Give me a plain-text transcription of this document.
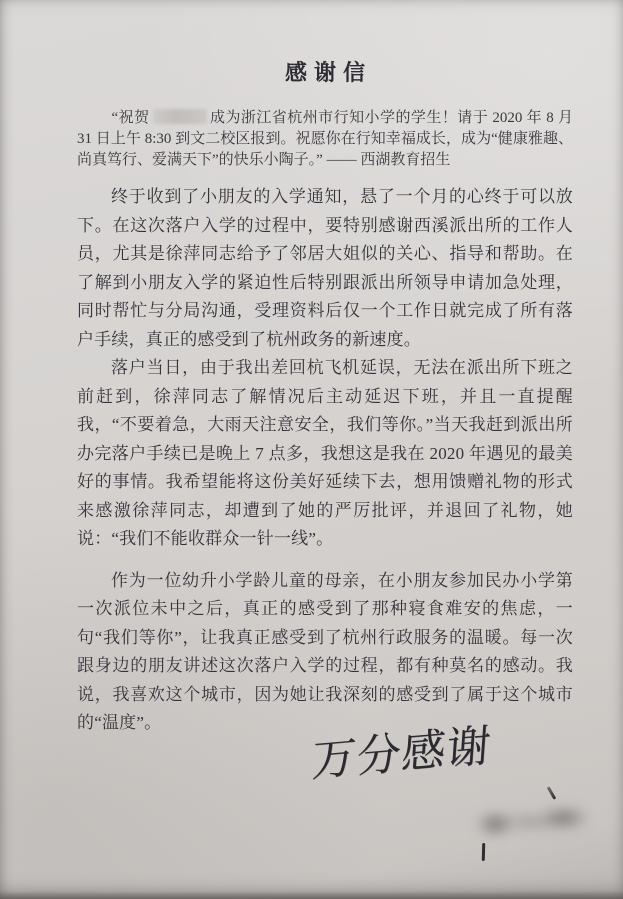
感谢信

“祝贺	成为浙江省杭州市行知小学的学生！请于 2020 年 8 月 31 日上午 8:30 到文二校区报到。祝愿你在行知幸福成长，成为“健康雅趣、尚真笃行、爱满天下”的快乐小陶子。” —— 西湖教育招生

终于收到了小朋友的入学通知，悬了一个月的心终于可以放下。在这次落户入学的过程中，要特别感谢西溪派出所的工作人员，尤其是徐萍同志给予了邻居大姐似的关心、指导和帮助。在了解到小朋友入学的紧迫性后特别跟派出所领导申请加急处理，同时帮忙与分局沟通，受理资料后仅一个工作日就完成了所有落户手续，真正的感受到了杭州政务的新速度。

落户当日，由于我出差回杭飞机延误，无法在派出所下班之前赶到，徐萍同志了解情况后主动延迟下班，并且一直提醒我，“不要着急，大雨天注意安全，我们等你。”当天我赶到派出所办完落户手续已是晚上 7 点多，我想这是我在 2020 年遇见的最美好的事情。我希望能将这份美好延续下去，想用馈赠礼物的形式来感激徐萍同志，却遭到了她的严厉批评，并退回了礼物，她说：“我们不能收群众一针一线”。

作为一位幼升小学龄儿童的母亲，在小朋友参加民办小学第一次派位未中之后，真正的感受到了那种寝食难安的焦虑，一句“我们等你”，让我真正感受到了杭州行政服务的温暖。每一次跟身边的朋友讲述这次落户入学的过程，都有种莫名的感动。我说，我喜欢这个城市，因为她让我深刻的感受到了属于这个城市的“温度”。	万分感谢
